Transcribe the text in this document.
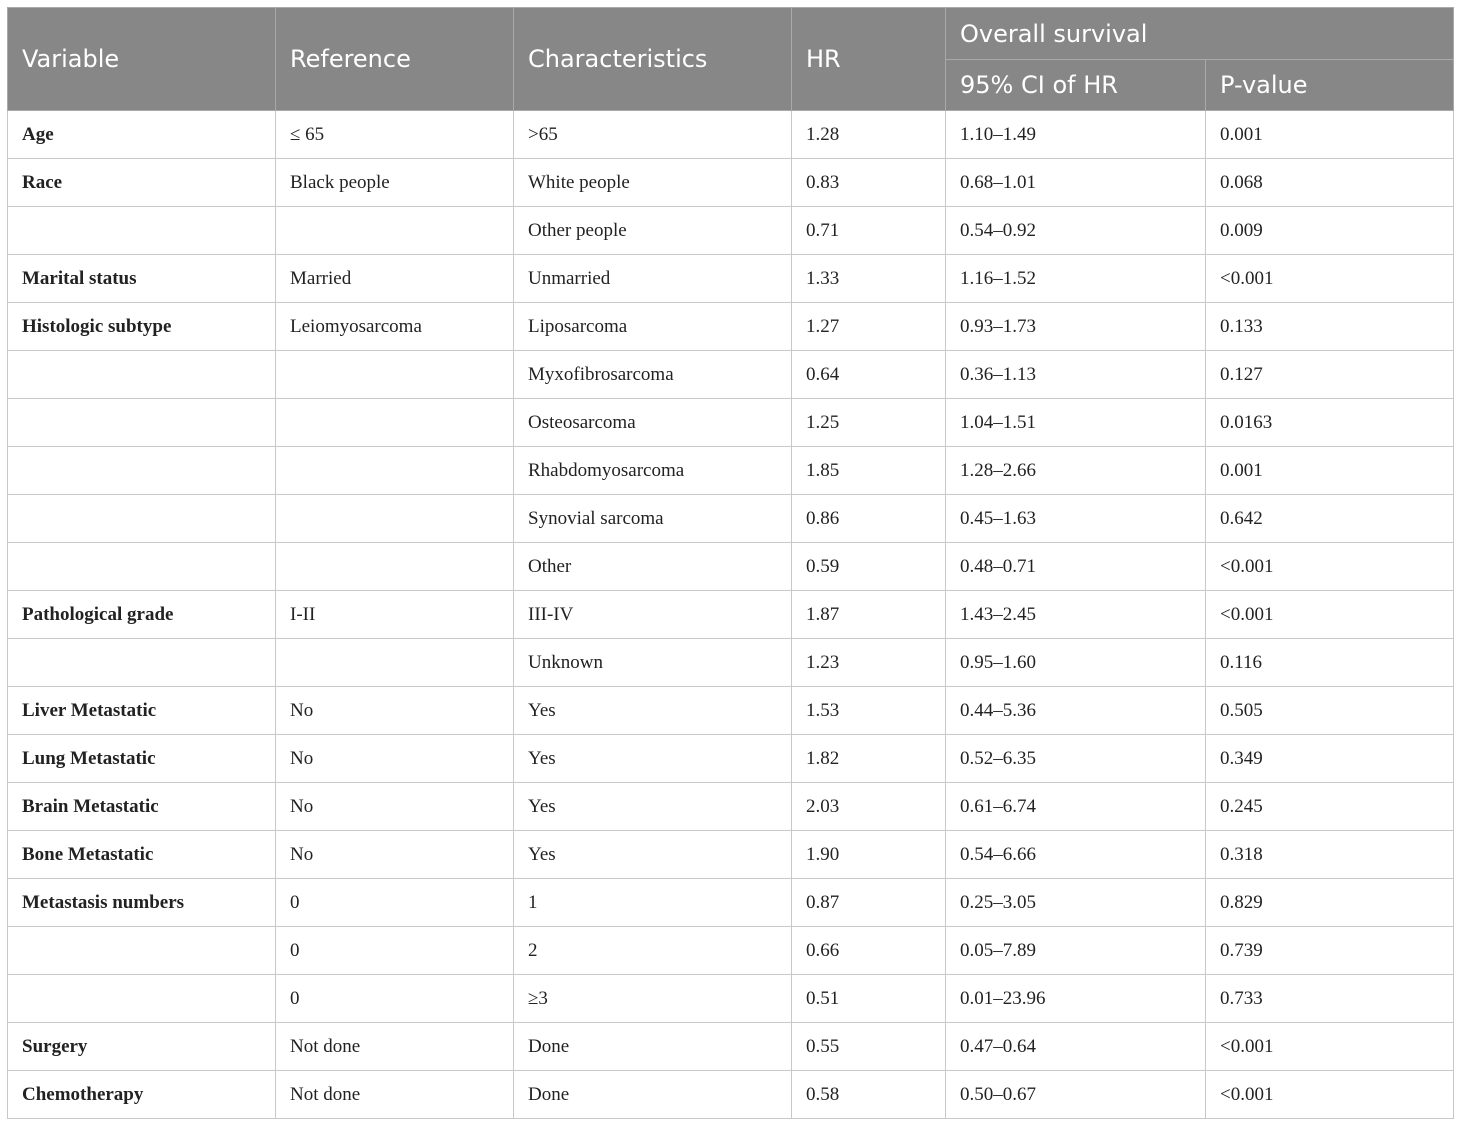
Variable	Reference	Characteristics	HR	Overall survival	
				95% CI of HR	P-value
Age	≤ 65	>65	1.28	1.10–1.49	0.001
Race	Black people	White people	0.83	0.68–1.01	0.068
		Other people	0.71	0.54–0.92	0.009
Marital status	Married	Unmarried	1.33	1.16–1.52	<0.001
Histologic subtype	Leiomyosarcoma	Liposarcoma	1.27	0.93–1.73	0.133
		Myxofibrosarcoma	0.64	0.36–1.13	0.127
		Osteosarcoma	1.25	1.04–1.51	0.0163
		Rhabdomyosarcoma	1.85	1.28–2.66	0.001
		Synovial sarcoma	0.86	0.45–1.63	0.642
		Other	0.59	0.48–0.71	<0.001
Pathological grade	I-II	III-IV	1.87	1.43–2.45	<0.001
		Unknown	1.23	0.95–1.60	0.116
Liver Metastatic	No	Yes	1.53	0.44–5.36	0.505
Lung Metastatic	No	Yes	1.82	0.52–6.35	0.349
Brain Metastatic	No	Yes	2.03	0.61–6.74	0.245
Bone Metastatic	No	Yes	1.90	0.54–6.66	0.318
Metastasis numbers	0	1	0.87	0.25–3.05	0.829
	0	2	0.66	0.05–7.89	0.739
	0	≥3	0.51	0.01–23.96	0.733
Surgery	Not done	Done	0.55	0.47–0.64	<0.001
Chemotherapy	Not done	Done	0.58	0.50–0.67	<0.001
